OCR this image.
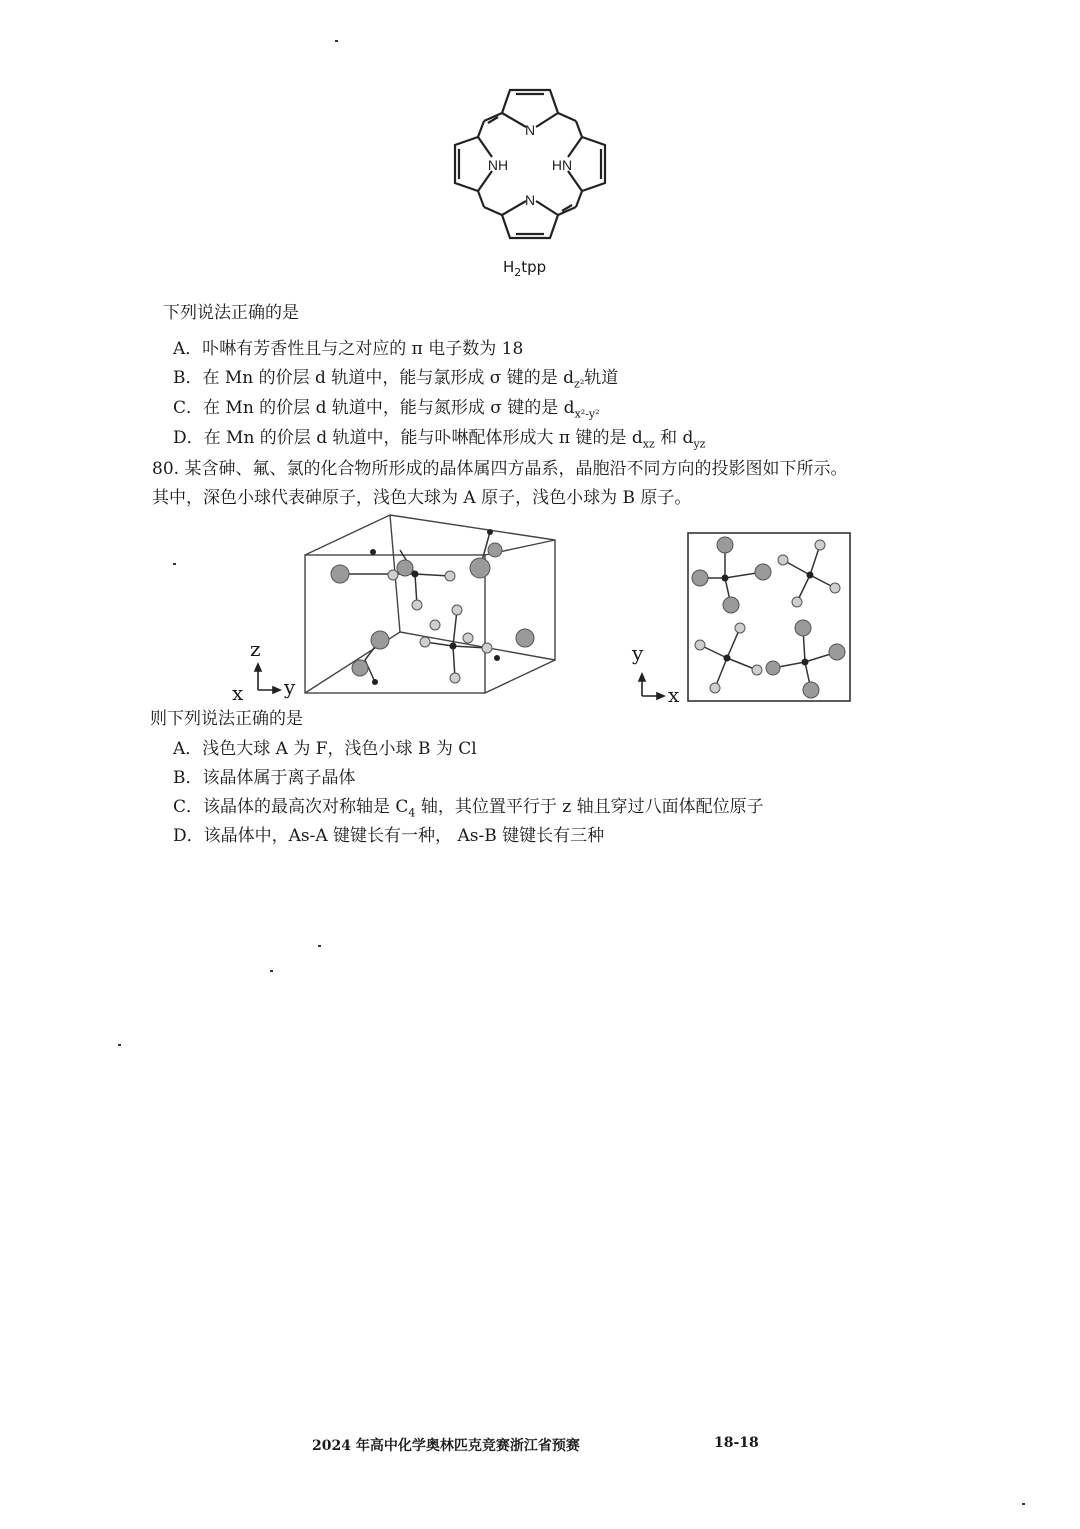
N
N
NH	HN
$H_2tpp$
下列说法正确的是
A．卟啉有芳香性且与之对应的 π 电子数为 18
B．在 Mn 的价层 d 轨道中，能与氯形成 σ 键的是 $d_{z^2}$轨道
C．在 Mn 的价层 d 轨道中，能与氮形成 σ 键的是 $d_{x^2-y^2}$
D．在 Mn 的价层 d 轨道中，能与卟啉配体形成大 π 键的是 $d_{xz}$ 和 $d_{yz}$
80. 某含砷、氟、氯的化合物所形成的晶体属四方晶系，晶胞沿不同方向的投影图如下所示。
其中，深色小球代表砷原子，浅色大球为 A 原子，浅色小球为 B 原子。
z
x y
y
x
则下列说法正确的是
A．浅色大球 A 为 F，浅色小球 B 为 Cl
B．该晶体属于离子晶体
C．该晶体的最高次对称轴是 $C_4$ 轴，其位置平行于 z 轴且穿过八面体配位原子
D．该晶体中，As-A 键键长有一种， As-B 键键长有三种
2024 年高中化学奥林匹克竞赛浙江省预赛	18-18
